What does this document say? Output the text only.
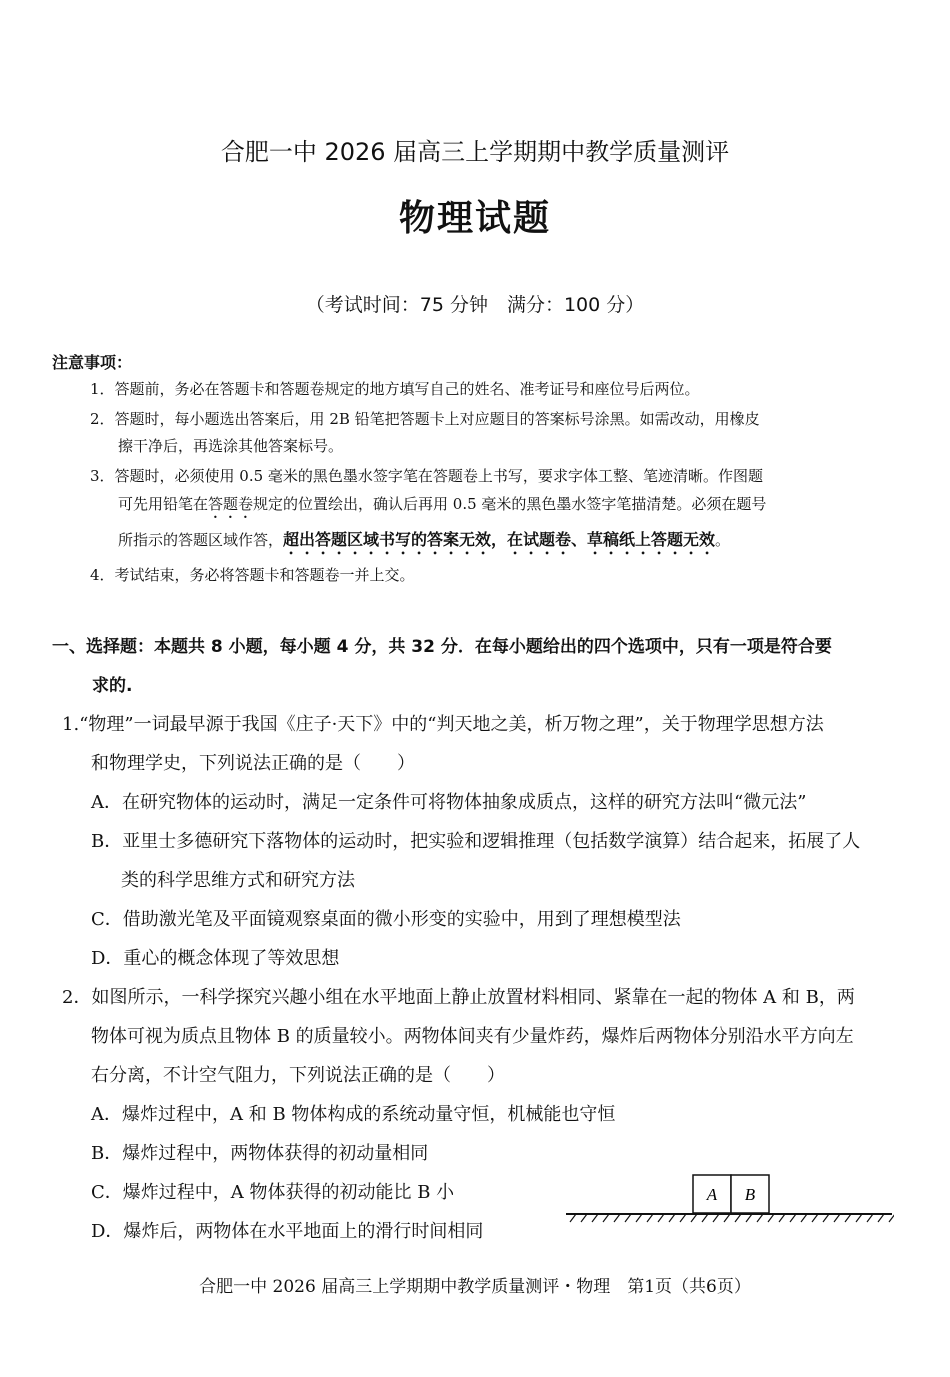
合肥一中 2026 届高三上学期期中教学质量测评
物理试题
（考试时间：75 分钟　满分：100 分）
注意事项：
1．答题前，务必在答题卡和答题卷规定的地方填写自己的姓名、准考证号和座位号后两位。
2．答题时，每小题选出答案后，用 2B 铅笔把答题卡上对应题目的答案标号涂黑。如需改动，用橡皮
擦干净后，再选涂其他答案标号。
3．答题时，必须使用 0.5 毫米的黑色墨水签字笔在答题卷上书写，要求字体工整、笔迹清晰。作图题
可先用铅笔在答题卷规定的位置绘出，确认后再用 0.5 毫米的黑色墨水签字笔描清楚。必须在题号
所指示的答题区域作答，超出答题区域书写的答案无效，在试题卷、草稿纸上答题无效。
4．考试结束，务必将答题卡和答题卷一并上交。
一、选择题：本题共 8 小题，每小题 4 分，共 32 分．在每小题给出的四个选项中，只有一项是符合要
求的.
1.“物理”一词最早源于我国《庄子·天下》中的“判天地之美，析万物之理”，关于物理学思想方法
和物理学史，下列说法正确的是（　　）
A．在研究物体的运动时，满足一定条件可将物体抽象成质点，这样的研究方法叫“微元法”
B．亚里士多德研究下落物体的运动时，把实验和逻辑推理（包括数学演算）结合起来，拓展了人
类的科学思维方式和研究方法
C．借助激光笔及平面镜观察桌面的微小形变的实验中，用到了理想模型法
D．重心的概念体现了等效思想
2．如图所示，一科学探究兴趣小组在水平地面上静止放置材料相同、紧靠在一起的物体 A 和 B，两
物体可视为质点且物体 B 的质量较小。两物体间夹有少量炸药，爆炸后两物体分别沿水平方向左
右分离，不计空气阻力，下列说法正确的是（　　）
A．爆炸过程中，A 和 B 物体构成的系统动量守恒，机械能也守恒
B．爆炸过程中，两物体获得的初动量相同
C．爆炸过程中，A 物体获得的初动能比 B 小
D．爆炸后，两物体在水平地面上的滑行时间相同
A B
合肥一中 2026 届高三上学期期中教学质量测评・物理　第1页（共6页）
